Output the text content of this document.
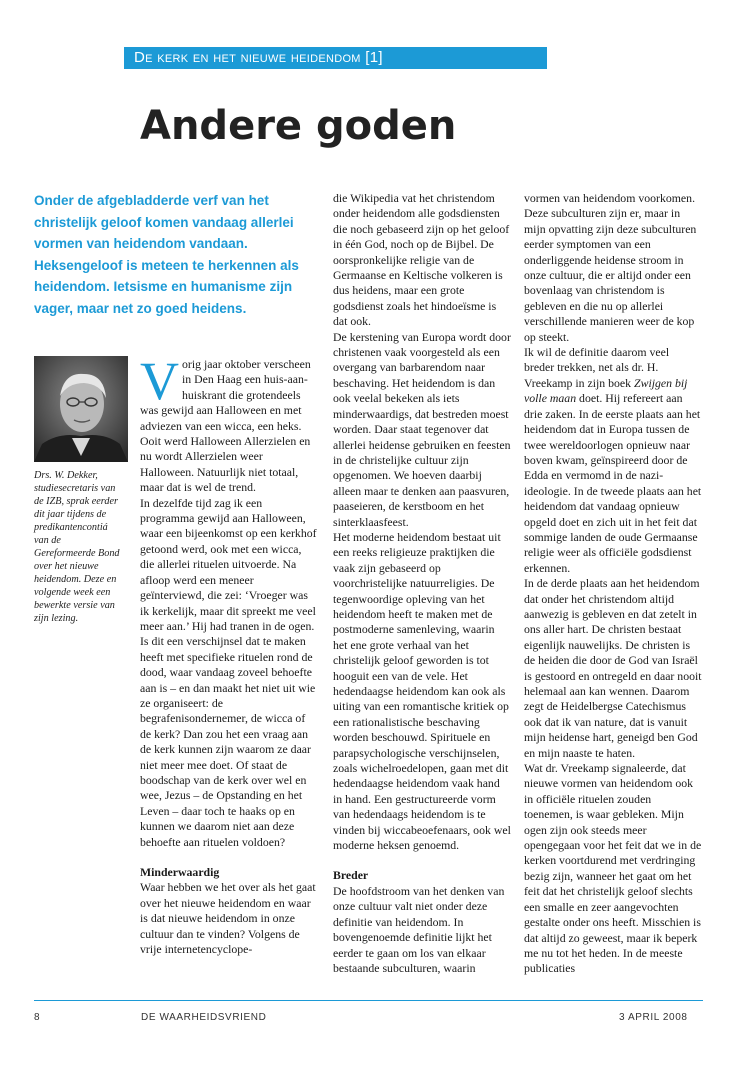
De kerk en het nieuwe heidendom [1]
Andere goden
Onder de afgebladderde verf van het christelijk geloof komen vandaag allerlei vormen van heidendom vandaan. Heksengeloof is meteen te herkennen als heidendom. Ietsisme en humanisme zijn vager, maar net zo goed heidens.
Drs. W. Dekker, studiesecretaris van de IZB, sprak eerder dit jaar tijdens de predikantencontiá van de Gereformeerde Bond over het nieuwe heidendom. Deze en volgende week een bewerkte versie van zijn lezing.

Vorig jaar oktober verscheen in Den Haag een huis-aan-huiskrant die grotendeels was gewijd aan Halloween en met adviezen van een wicca, een heks. Ooit werd Halloween Allerzielen en nu wordt Allerzielen weer Halloween. Natuurlijk niet totaal, maar dat is wel de trend.

In dezelfde tijd zag ik een programma gewijd aan Halloween, waar een bijeenkomst op een kerkhof getoond werd, ook met een wicca, die allerlei rituelen uitvoerde. Na afloop werd een meneer geïnterviewd, die zei: ‘Vroeger was ik kerkelijk, maar dit spreekt me veel meer aan.’ Hij had tranen in de ogen.

Is dit een verschijnsel dat te maken heeft met specifieke rituelen rond de dood, waar vandaag zoveel behoefte aan is – en dan maakt het niet uit wie ze organiseert: de begrafenisondernemer, de wicca of de kerk? Dan zou het een vraag aan de kerk kunnen zijn waarom ze daar niet meer mee doet. Of staat de boodschap van de kerk over wel en wee, Jezus – de Opstanding en het Leven – daar toch te haaks op en kunnen we daarom niet aan deze behoefte aan rituelen voldoen?

Minderwaardig

Waar hebben we het over als het gaat over het nieuwe heidendom en waar is dat nieuwe heidendom in onze cultuur dan te vinden? Volgens de vrije internetencyclope-

die Wikipedia vat het christendom onder heidendom alle godsdiensten die noch gebaseerd zijn op het geloof in één God, noch op de Bijbel. De oorspronkelijke religie van de Germaanse en Keltische volkeren is dus heidens, maar een grote godsdienst zoals het hindoeïsme is dat ook.

De kerstening van Europa wordt door christenen vaak voorgesteld als een overgang van barbarendom naar beschaving. Het heidendom is dan ook veelal bekeken als iets minderwaardigs, dat bestreden moest worden. Daar staat tegenover dat allerlei heidense gebruiken en feesten in de christelijke cultuur zijn opgenomen. We hoeven daarbij alleen maar te denken aan paasvuren, paaseieren, de kerstboom en het sinterklaasfeest.

Het moderne heidendom bestaat uit een reeks religieuze praktijken die vaak zijn gebaseerd op voorchristelijke natuurreligies. De tegenwoordige opleving van het heidendom heeft te maken met de postmoderne samenleving, waarin het ene grote verhaal van het christelijk geloof geworden is tot hooguit een van de vele. Het hedendaagse heidendom kan ook als uiting van een romantische kritiek op een rationalistische beschaving worden beschouwd. Spirituele en parapsychologische verschijnselen, zoals wichelroedelopen, gaan met dit hedendaagse heidendom vaak hand in hand. Een gestructureerde vorm van hedendaags heidendom is te vinden bij wiccabeoefenaars, ook wel moderne heksen genoemd.

Breder

De hoofdstroom van het denken van onze cultuur valt niet onder deze definitie van heidendom. In bovengenoemde definitie lijkt het eerder te gaan om los van elkaar bestaande subculturen, waarin

vormen van heidendom voorkomen. Deze subculturen zijn er, maar in mijn opvatting zijn deze subculturen eerder symptomen van een onderliggende heidense stroom in onze cultuur, die er altijd onder een bovenlaag van christendom is gebleven en die nu op allerlei verschillende manieren weer de kop op steekt.

Ik wil de definitie daarom veel breder trekken, net als dr. H. Vreekamp in zijn boek Zwijgen bij volle maan doet. Hij refereert aan drie zaken. In de eerste plaats aan het heidendom dat in Europa tussen de twee wereldoorlogen opnieuw naar boven kwam, geïnspireerd door de Edda en vermomd in de nazi-ideologie. In de tweede plaats aan het heidendom dat vandaag opnieuw opgeld doet en zich uit in het feit dat sommige landen de oude Germaanse religie weer als officiële godsdienst erkennen.

In de derde plaats aan het heidendom dat onder het christendom altijd aanwezig is gebleven en dat zetelt in ons aller hart. De christen bestaat eigenlijk nauwelijks. De christen is de heiden die door de God van Israël is gestoord en ontregeld en daar nooit helemaal aan kan wennen. Daarom zegt de Heidelbergse Catechismus ook dat ik van nature, dat is vanuit mijn heidense hart, geneigd ben God en mijn naaste te haten.

Wat dr. Vreekamp signaleerde, dat nieuwe vormen van heidendom ook in officiële rituelen zouden toenemen, is waar gebleken. Mijn ogen zijn ook steeds meer opengegaan voor het feit dat we in de kerken voortdurend met verdringing bezig zijn, wanneer het gaat om het feit dat het christelijk geloof slechts een smalle en zeer aangevochten gestalte onder ons heeft. Misschien is dat altijd zo geweest, maar ik beperk me nu tot het heden. In de meeste publicaties

8	DE WAARHEIDSVRIEND	3 APRIL 2008
